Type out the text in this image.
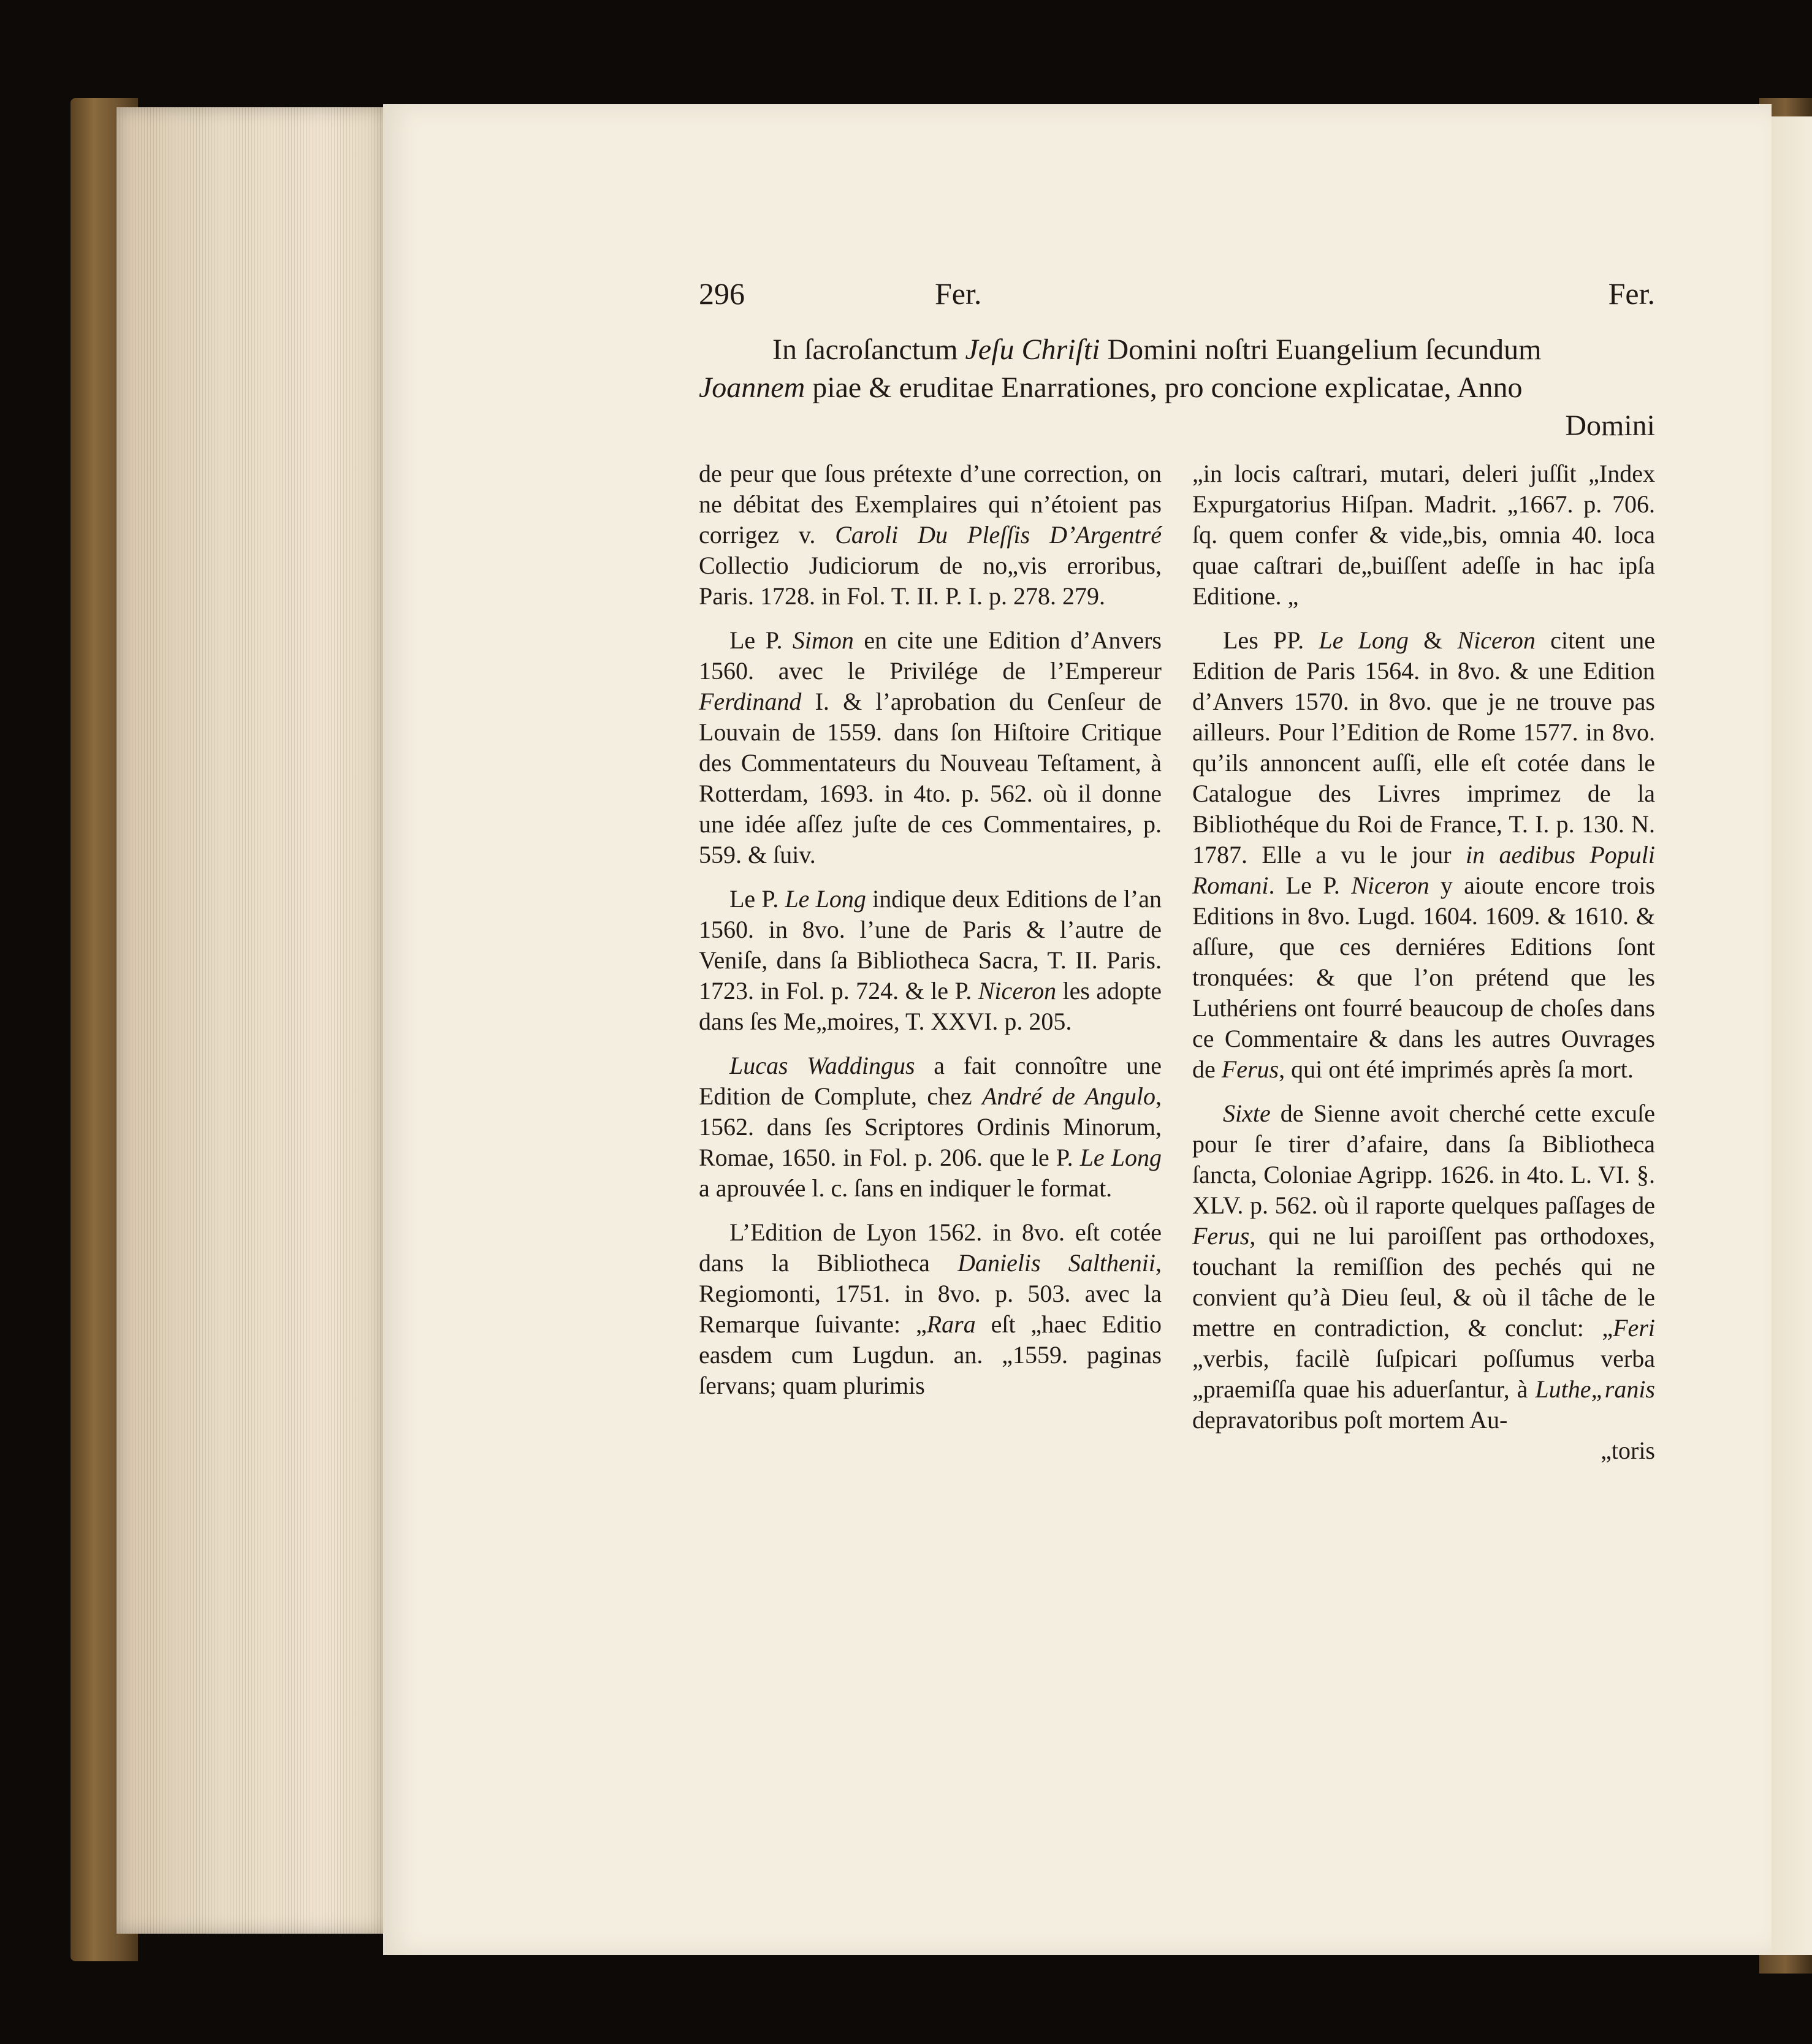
296	Fer.	Fer.
In ſacroſanctum Jeſu Chriſti Domini noſtri Euangelium ſecundum
Joannem piae & eruditae Enarrationes, pro concione explicatae, Anno
Domini

de peur que ſous prétexte d’une correction, on ne débitat des Exemplaires qui n’étoient pas corrigez v. Caroli Du Pleſſis D’Argentré Collectio Judiciorum de no„vis erroribus, Paris. 1728. in Fol. T. II. P. I. p. 278. 279.

Le P. Simon en cite une Edition d’Anvers 1560. avec le Privilége de l’Empereur Ferdinand I. & l’aprobation du Cenſeur de Louvain de 1559. dans ſon Hiſtoire Critique des Commentateurs du Nouveau Teſtament, à Rotterdam, 1693. in 4to. p. 562. où il donne une idée aſſez juſte de ces Commentaires, p. 559. & ſuiv.

Le P. Le Long indique deux Editions de l’an 1560. in 8vo. l’une de Paris & l’autre de Veniſe, dans ſa Bibliotheca Sacra, T. II. Paris. 1723. in Fol. p. 724. & le P. Niceron les adopte dans ſes Me„moires, T. XXVI. p. 205.

Lucas Waddingus a fait connoître une Edition de Complute, chez André de Angulo, 1562. dans ſes Scriptores Ordinis Minorum, Romae, 1650. in Fol. p. 206. que le P. Le Long a aprouvée l. c. ſans en indiquer le format.

L’Edition de Lyon 1562. in 8vo. eſt cotée dans la Bibliotheca Danielis Salthenii, Regiomonti, 1751. in 8vo. p. 503. avec la Remarque ſuivante: „Rara eſt „haec Editio easdem cum Lugdun. an. „1559. paginas ſervans; quam plurimis

„in locis caſtrari, mutari, deleri juſſit „Index Expurgatorius Hiſpan. Madrit. „1667. p. 706. ſq. quem confer & vide„bis, omnia 40. loca quae caſtrari de„buiſſent adeſſe in hac ipſa Editione. „

Les PP. Le Long & Niceron citent une Edition de Paris 1564. in 8vo. & une Edition d’Anvers 1570. in 8vo. que je ne trouve pas ailleurs. Pour l’Edition de Rome 1577. in 8vo. qu’ils annoncent auſſi, elle eſt cotée dans le Catalogue des Livres imprimez de la Bibliothéque du Roi de France, T. I. p. 130. N. 1787. Elle a vu le jour in aedibus Populi Romani. Le P. Niceron y aioute encore trois Editions in 8vo. Lugd. 1604. 1609. & 1610. & aſſure, que ces derniéres Editions ſont tronquées: & que l’on prétend que les Luthériens ont fourré beaucoup de choſes dans ce Commentaire & dans les autres Ouvrages de Ferus, qui ont été imprimés après ſa mort.

Sixte de Sienne avoit cherché cette excuſe pour ſe tirer d’afaire, dans ſa Bibliotheca ſancta, Coloniae Agripp. 1626. in 4to. L. VI. §. XLV. p. 562. où il raporte quelques paſſages de Ferus, qui ne lui paroiſſent pas orthodoxes, touchant la remiſſion des pechés qui ne convient qu’à Dieu ſeul, & où il tâche de le mettre en contradiction, & conclut: „Feri „verbis, facilè ſuſpicari poſſumus verba „praemiſſa quae his aduerſantur, à Luthe„ranis depravatoribus poſt mortem Au-

„toris
